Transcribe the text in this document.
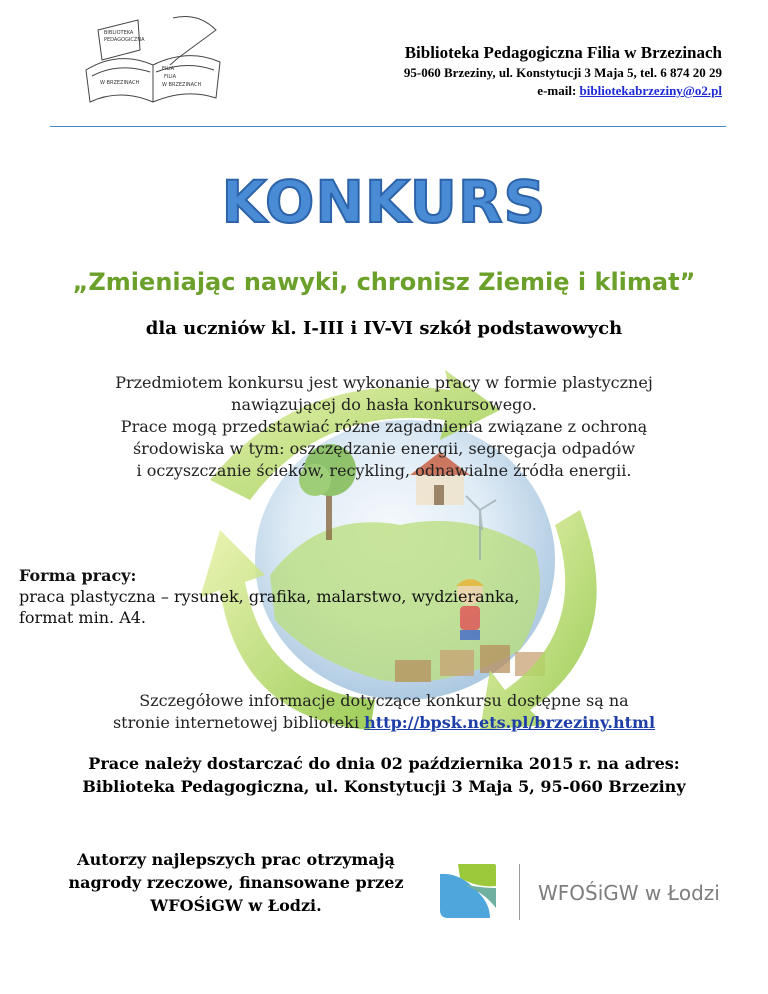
BIBLIOTEKA
PEDAGOGICZNA
FILIA
W BRZEZINACH
FILIA
W BRZEZINACH
Biblioteka Pedagogiczna Filia w Brzezinach
95-060 Brzeziny, ul. Konstytucji 3 Maja 5, tel. 6 874 20 29
e-mail: bibliotekabrzeziny@o2.pl
KONKURS
„Zmieniając nawyki, chronisz Ziemię i klimat”
dla uczniów kl. I-III i IV-VI szkół podstawowych

Przedmiotem konkursu jest wykonanie pracy w formie plastycznej

nawiązującej do hasła konkursowego.

Prace mogą przedstawiać różne zagadnienia związane z ochroną

środowiska w tym: oszczędzanie energii, segregacja odpadów

i oczyszczanie ścieków, recykling, odnawialne źródła energii.

Forma pracy:

praca plastyczna – rysunek, grafika, malarstwo, wydzieranka,

format min. A4.

Szczegółowe informacje dotyczące konkursu dostępne są na

stronie internetowej biblioteki http://bpsk.nets.pl/brzeziny.html

Prace należy dostarczać do dnia 02 października 2015 r. na adres:

Biblioteka Pedagogiczna, ul. Konstytucji 3 Maja 5, 95-060 Brzeziny

Autorzy najlepszych prac otrzymają

nagrody rzeczowe, finansowane przez

WFOŚiGW w Łodzi.

WFOŚiGW w Łodzi
